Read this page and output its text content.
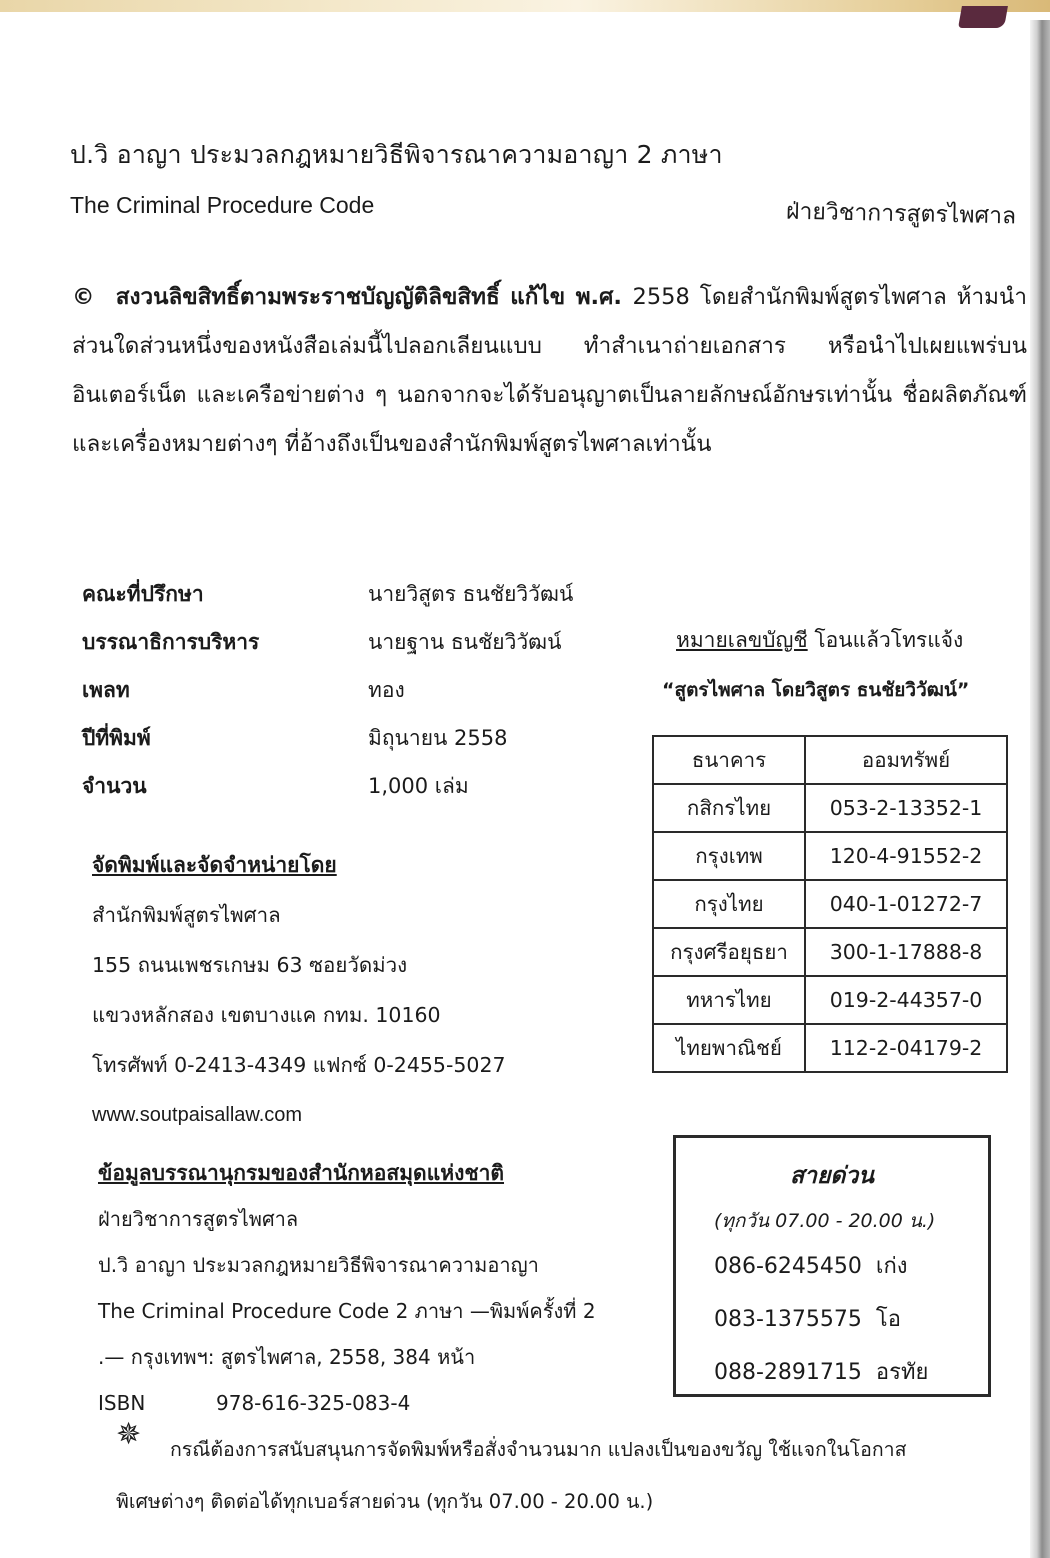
ป.วิ อาญา ประมวลกฎหมายวิธีพิจารณาความอาญา 2 ภาษา
The Criminal Procedure Code	ฝ่ายวิชาการสูตรไพศาล
© สงวนลิขสิทธิ์ตามพระราชบัญญัติลิขสิทธิ์ แก้ไข พ.ศ. 2558 โดยสำนักพิมพ์สูตรไพศาล ห้ามนำส่วนใดส่วนหนึ่งของหนังสือเล่มนี้ไปลอกเลียนแบบ ทำสำเนาถ่ายเอกสาร หรือนำไปเผยแพร่บนอินเตอร์เน็ต และเครือข่ายต่าง ๆ นอกจากจะได้รับอนุญาตเป็นลายลักษณ์อักษรเท่านั้น ชื่อผลิตภัณฑ์และเครื่องหมายต่างๆ ที่อ้างถึงเป็นของสำนักพิมพ์สูตรไพศาลเท่านั้น
คณะที่ปรึกษา	นายวิสูตร ธนชัยวิวัฒน์
บรรณาธิการบริหาร	นายฐาน ธนชัยวิวัฒน์
เพลท	ทอง
ปีที่พิมพ์	มิถุนายน 2558
จำนวน	1,000 เล่ม
หมายเลขบัญชี โอนแล้วโทรแจ้ง
“สูตรไพศาล โดยวิสูตร ธนชัยวิวัฒน์”
ธนาคาร	ออมทรัพย์
กสิกรไทย	053-2-13352-1
กรุงเทพ	120-4-91552-2
กรุงไทย	040-1-01272-7
กรุงศรีอยุธยา	300-1-17888-8
ทหารไทย	019-2-44357-0
ไทยพาณิชย์	112-2-04179-2
จัดพิมพ์และจัดจำหน่ายโดย
สำนักพิมพ์สูตรไพศาล
155 ถนนเพชรเกษม 63 ซอยวัดม่วง
แขวงหลักสอง เขตบางแค กทม. 10160
โทรศัพท์ 0-2413-4349 แฟกซ์ 0-2455-5027
www.soutpaisallaw.com
ข้อมูลบรรณานุกรมของสำนักหอสมุดแห่งชาติ
ฝ่ายวิชาการสูตรไพศาล
ป.วิ อาญา ประมวลกฎหมายวิธีพิจารณาความอาญา
The Criminal Procedure Code 2 ภาษา —พิมพ์ครั้งที่ 2
.— กรุงเทพฯ: สูตรไพศาล, 2558, 384 หน้า
ISBN	978-616-325-083-4
สายด่วน
(ทุกวัน 07.00 - 20.00 น.)
086-6245450 เก่ง
083-1375575 โอ
088-2891715 อรทัย
✵ กรณีต้องการสนับสนุนการจัดพิมพ์หรือสั่งจำนวนมาก แปลงเป็นของขวัญ ใช้แจกในโอกาส
พิเศษต่างๆ ติดต่อได้ทุกเบอร์สายด่วน (ทุกวัน 07.00 - 20.00 น.)
